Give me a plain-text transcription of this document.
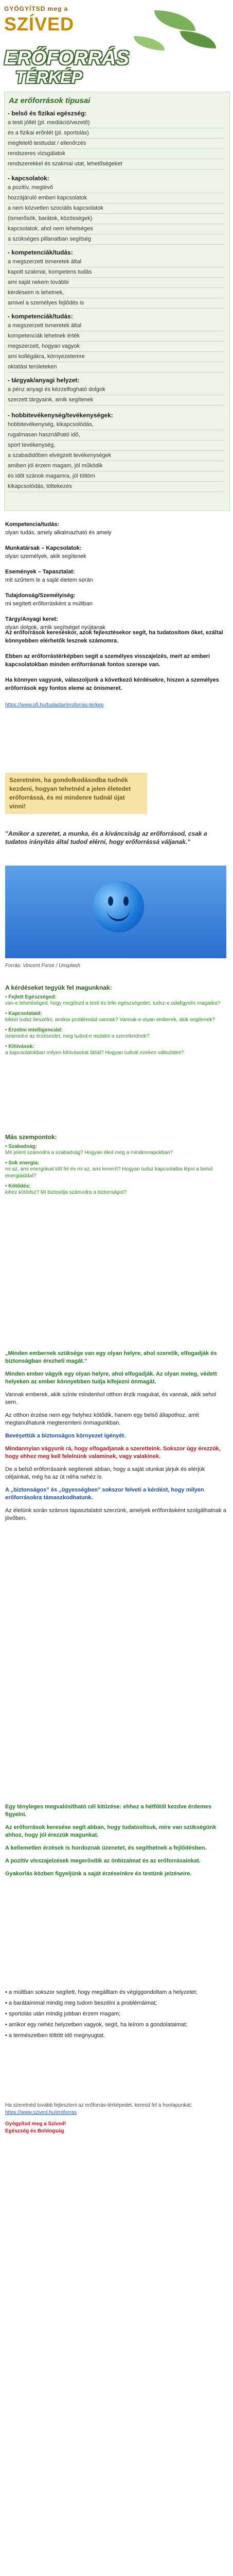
GYÓGYÍTSD meg a
SZÍVED
ERŐFORRÁS
TÉRKÉP
Az erőforrások típusai
- belső és fizikai egészség:
a testi jóllét (pl. mediáció/vezető)
és a fizikai erőnlét (pl. sportolás)
megfelelő testtudat / ellenőrzés
rendszeres vizsgálatok
rendszerekkel és szakmai utat, lehetőségeket
- kapcsolatok:
a pozitív, meglévő
hozzájáruló emberi kapcsolatok
a nem közvetlen szociális kapcsolatok
(ismerősök, barátok, közösségek)
kapcsolatok, ahol nem lehetséges
a szükséges pillanatban segítség
- kompetenciák/tudás:
a megszerzett ismeretek által
kapott szakmai, kompetens tudás
ami saját nekem további
kérdéseim is lehetnek,
amivel a személyes fejlődés is
- kompetenciák/tudás:
a megszerzett ismeretek által
kompetenciák lehetnek érték
megszerzett, hogyan vagyok
ami kollégákra, környezetemre
oktatási területeken
- tárgyak/anyagi helyzet:
a pénz anyagi és kézzelfogható dolgok
szerzett tárgyaink, amik segítenek
- hobbitevékenység/tevékenységek:
hobbitevékenység, kikapcsolódás,
rugalmasan használható idő,
sport tevékenység,
a szabadidőben elvégzett tevékenységek
amiben jól érzem magam, jól működik
és időt szánok magamra, jól töltöm
kikapcsolódás, töltekezés
Kompetencia/tudás:
olyan tudás, amely alkalmazható és amely
Munkatársak – Kapcsolatok:
olyan személyek, akik segítenek
Események – Tapasztalat:
mit szűrtem le a saját életem során
Tulajdonság/Személyiség:
mi segített erőforrásként a múltban
Tárgy/Anyagi keret:
olyan dolgok, amik segítséget nyújtanak
Az erőforrások kereséskor, azok fejlesztésekor segít, ha tudatosítom őket, ezáltal könnyebben elérhetők lesznek számomra.
Ebben az erőforrástérképben segít a személyes visszajelzés, mert az emberi kapcsolatokban minden erőforrásnak fontos szerepe van.
Ha könnyen vagyunk, válaszoljunk a következő kérdésekre, hiszen a személyes erőforrások egy fontos eleme az önismeret.
https://www.ofi.hu/tudastar/eroforras-terkep
Szeretném, ha gondolkodásodba tudnék kezdeni, hogyan tehetnéd a jelen életedet erőforrássá, és mi mindenre tudnál újat vinni!
"Amikor a szeretet, a munka, és a kiváncsiság az erőforrásod, csak a tudatos irányítás által tudod elérni, hogy erőforrássá váljanak."
Forrás: Vincent Forse / Unsplash
A kérdéseket tegyük fel magunknak:
• Fejlett Egészséged:
van-e lehetőséged, hogy megőrizd a testi és lelki egészségedet, tudsz-e odafigyelni magadra?
• Kapcsolataid:
kikkel tudsz beszélni, amikor problémáid vannak? Vannak-e olyan emberek, akik segítenek?
• Érzelmi intelligenciád:
ismered-e az érzéseidet, meg tudod-e mutatni a szeretteidnek?
• Kihívások:
a kapcsolatokban milyen kihívásokat láttál? Hogyan tudnál ezeken változtatni?
Más szempontok:
• Szabadság:
Mit jelent számodra a szabadság? Hogyan éled meg a mindennapokban?
• Sok energia:
mi az, ami energiával tölt fel és mi az, ami lemerít? Hogyan tudsz kapcsolatba lépni a belső energiáiddal?
• Kötődés:
kihez kötődsz? Mi biztosítja számodra a biztonságot?

„Minden embernek szüksége van egy olyan helyre, ahol szeretik, elfogadják és biztonságban érezheti magát.”

Minden ember vágyik egy olyan helyre, ahol elfogadják. Az olyan meleg, védett helyeken az ember könnyebben tudja kifejezni önmagát.

Vannak emberek, akik szinte mindenhol otthon érzik magukat, és vannak, akik sehol sem.

Az otthon érzése nem egy helyhez kötődik, hanem egy belső állapothoz, amit megtanulhatunk megteremteni önmagunkban.

Bevéşettük a biztonságos környezet igényét.

Mindannyian vágyunk rá, hogy elfogadjanak a szeretteink. Sokszor úgy érezzük, hogy ehhez meg kell felelnünk valaminek, vagy valakinek.

De a belső erőforrásaink segítenek abban, hogy a saját utunkat járjuk és elérjük céljainkat, még ha az út néha nehéz is.

A „biztonságos” és „ügyességben” sokszor felveti a kérdést, hogy milyen erőforrásokra támaszkodhatunk.

Az életünk során számos tapasztalatot szerzünk, amelyek erőforrásként szolgálhatnak a jövőben.

Egy tényleges megvalósítható cél kitűzése: ehhez a hétfőtől kezdve érdemes figyelni.

Az erőforrások keresése segít abban, hogy tudatosítsuk, mire van szükségünk ahhoz, hogy jól érezzük magunkat.

A kellemetlen érzések is hordoznak üzenetet, és segíthetnek a fejlődésben.

A pozitív visszajelzések megerősítik az önbizalmat és az erőforrásainkat.

Gyakorlás közben figyeljünk a saját érzéseinkre és testünk jelzéseire.

• a múltban sokszor segített, hogy megálltam és végiggondoltam a helyzetet;

• a barátaimmal mindig meg tudom beszélni a problémáimat;

• sportolás után mindig jobban érzem magam;

• amikor egy nehéz helyzetben vagyok, segít, ha leírom a gondolataimat;

• a természetben töltött idő megnyugtat.

Ha szeretnéd tovább fejleszteni az erőforrás-térképedet, keresd fel a honlapunkat:
https://www.szived.hu/eroforras
Gyógyítsd meg a Szíved!
Egészség és Boldogság
